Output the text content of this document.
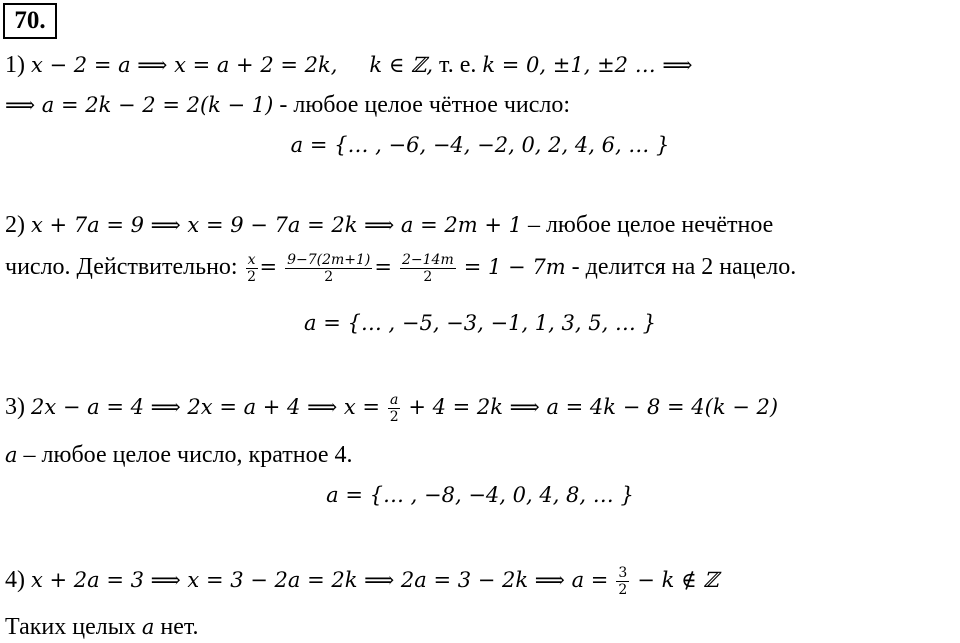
70.
1) x − 2 = a ⟹ x = a + 2 = 2k, k ∈ ℤ, т. е. k = 0, ±1, ±2 … ⟹
⟹ a = 2k − 2 = 2(k − 1) - любое целое чётное число:
a = {… , −6, −4, −2, 0, 2, 4, 6, … }
2) x + 7a = 9 ⟹ x = 9 − 7a = 2k ⟹ a = 2m + 1 – любое целое нечётное
число. Действительно: $\frac{x}{2} = \frac{9-7(2m+1)}{2} = \frac{2-14m}{2} = 1 - 7m$ - делится на 2 нацело.
a = {… , −5, −3, −1, 1, 3, 5, … }
3) 2x − a = 4 ⟹ 2x = a + 4 ⟹ $x = \frac{a}{2} + 4 = 2k$ ⟹ a = 4k − 8 = 4(k − 2)
a – любое целое число, кратное 4.
a = {… , −8, −4, 0, 4, 8, … }
4) x + 2a = 3 ⟹ x = 3 − 2a = 2k ⟹ 2a = 3 − 2k ⟹ $a = \frac{3}{2} - k$ ∉ ℤ
Таких целых a нет.
